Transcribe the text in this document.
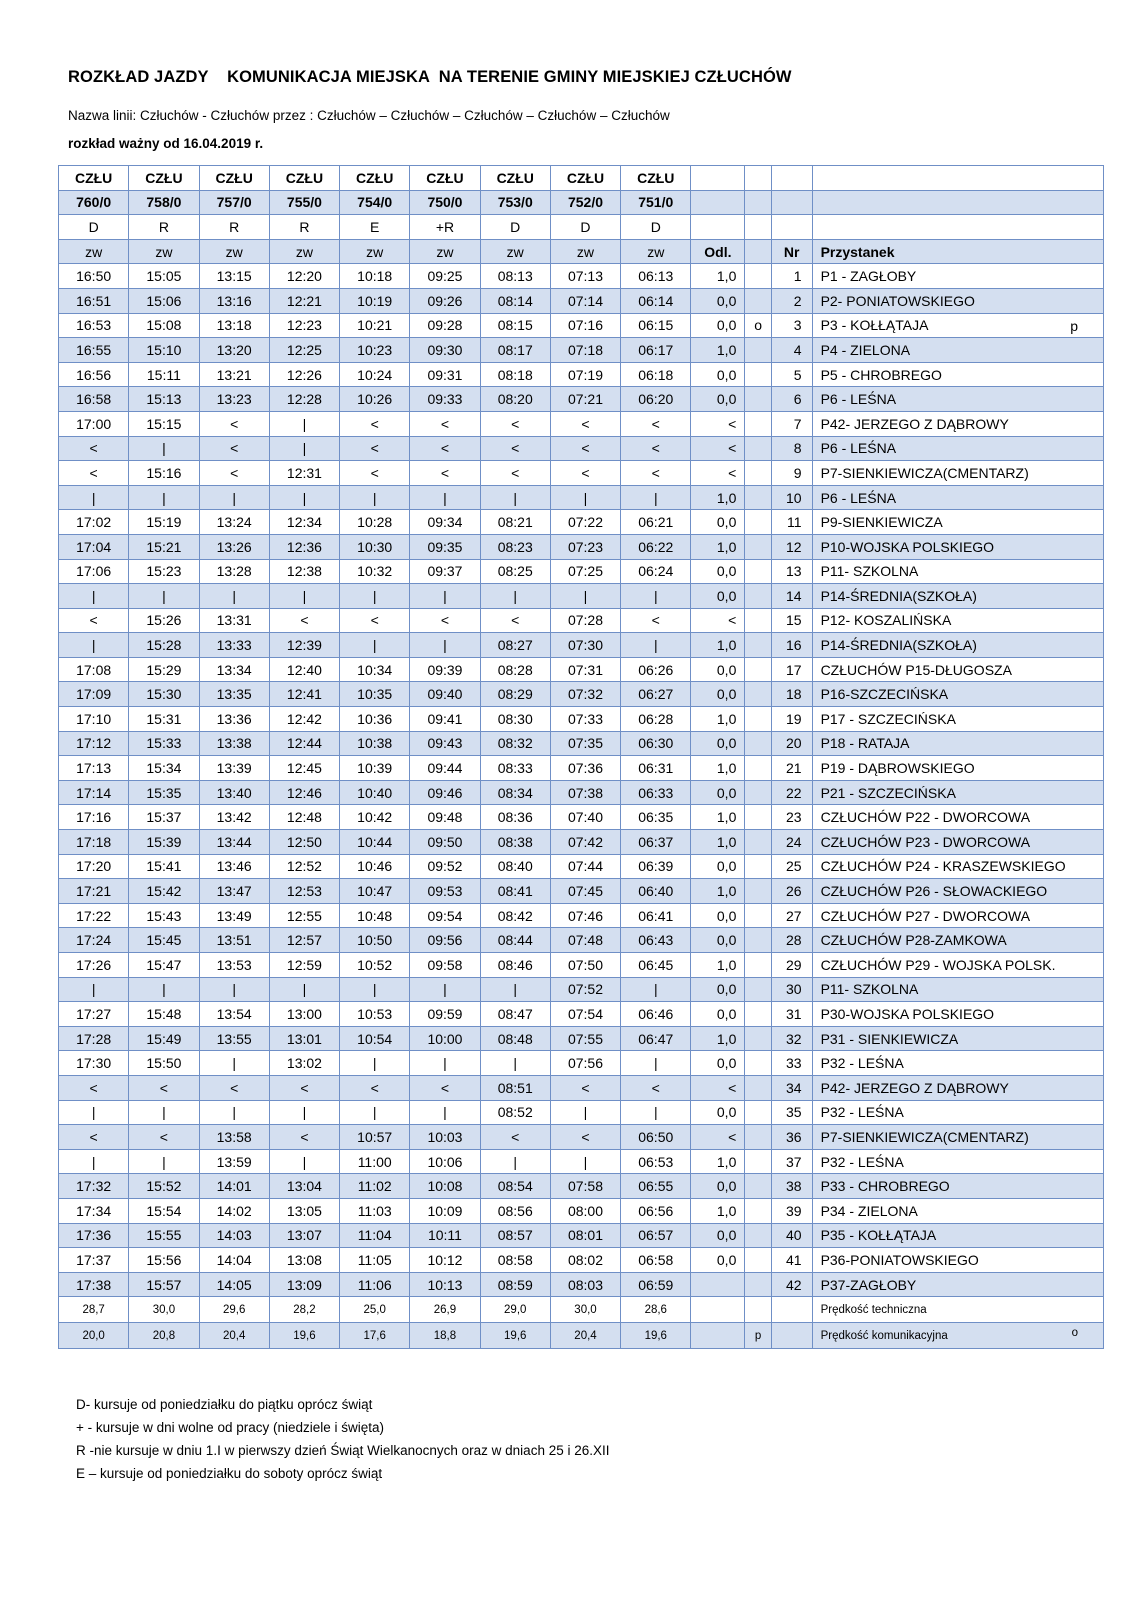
ROZKŁAD JAZDY    KOMUNIKACJA MIEJSKA  NA TERENIE GMINY MIEJSKIEJ CZŁUCHÓW
Nazwa linii: Człuchów - Człuchów przez : Człuchów – Człuchów – Człuchów – Człuchów – Człuchów
rozkład ważny od 16.04.2019 r.
CZŁU	CZŁU	CZŁU	CZŁU	CZŁU	CZŁU	CZŁU	CZŁU	CZŁU				
760/0	758/0	757/0	755/0	754/0	750/0	753/0	752/0	751/0				
D	R	R	R	E	+R	D	D	D				
zw	zw	zw	zw	zw	zw	zw	zw	zw	Odl.		Nr	Przystanek
16:50	15:05	13:15	12:20	10:18	09:25	08:13	07:13	06:13	1,0		1	P1 - ZAGŁOBY

16:51	15:06	13:16	12:21	10:19	09:26	08:14	07:14	06:14	0,0		2	P2- PONIATOWSKIEGO

16:53	15:08	13:18	12:23	10:21	09:28	08:15	07:16	06:15	0,0	o	3	P3 - KOŁŁĄTAJA p

16:55	15:10	13:20	12:25	10:23	09:30	08:17	07:18	06:17	1,0		4	P4 - ZIELONA

16:56	15:11	13:21	12:26	10:24	09:31	08:18	07:19	06:18	0,0		5	P5 - CHROBREGO

16:58	15:13	13:23	12:28	10:26	09:33	08:20	07:21	06:20	0,0		6	P6 - LEŚNA

17:00	15:15	<	|	<	<	<	<	<	<		7	P42- JERZEGO Z DĄBROWY

<	|	<	|	<	<	<	<	<	<		8	P6 - LEŚNA

<	15:16	<	12:31	<	<	<	<	<	<		9	P7-SIENKIEWICZA(CMENTARZ)

|	|	|	|	|	|	|	|	|	1,0		10	P6 - LEŚNA

17:02	15:19	13:24	12:34	10:28	09:34	08:21	07:22	06:21	0,0		11	P9-SIENKIEWICZA

17:04	15:21	13:26	12:36	10:30	09:35	08:23	07:23	06:22	1,0		12	P10-WOJSKA POLSKIEGO

17:06	15:23	13:28	12:38	10:32	09:37	08:25	07:25	06:24	0,0		13	P11- SZKOLNA

|	|	|	|	|	|	|	|	|	0,0		14	P14-ŚREDNIA(SZKOŁA)

<	15:26	13:31	<	<	<	<	07:28	<	<		15	P12- KOSZALIŃSKA

|	15:28	13:33	12:39	|	|	08:27	07:30	|	1,0		16	P14-ŚREDNIA(SZKOŁA)

17:08	15:29	13:34	12:40	10:34	09:39	08:28	07:31	06:26	0,0		17	CZŁUCHÓW P15-DŁUGOSZA

17:09	15:30	13:35	12:41	10:35	09:40	08:29	07:32	06:27	0,0		18	P16-SZCZECIŃSKA

17:10	15:31	13:36	12:42	10:36	09:41	08:30	07:33	06:28	1,0		19	P17 - SZCZECIŃSKA

17:12	15:33	13:38	12:44	10:38	09:43	08:32	07:35	06:30	0,0		20	P18 - RATAJA

17:13	15:34	13:39	12:45	10:39	09:44	08:33	07:36	06:31	1,0		21	P19 - DĄBROWSKIEGO

17:14	15:35	13:40	12:46	10:40	09:46	08:34	07:38	06:33	0,0		22	P21 - SZCZECIŃSKA

17:16	15:37	13:42	12:48	10:42	09:48	08:36	07:40	06:35	1,0		23	CZŁUCHÓW P22 - DWORCOWA

17:18	15:39	13:44	12:50	10:44	09:50	08:38	07:42	06:37	1,0		24	CZŁUCHÓW P23 - DWORCOWA

17:20	15:41	13:46	12:52	10:46	09:52	08:40	07:44	06:39	0,0		25	CZŁUCHÓW P24 - KRASZEWSKIEGO

17:21	15:42	13:47	12:53	10:47	09:53	08:41	07:45	06:40	1,0		26	CZŁUCHÓW P26 - SŁOWACKIEGO

17:22	15:43	13:49	12:55	10:48	09:54	08:42	07:46	06:41	0,0		27	CZŁUCHÓW P27 - DWORCOWA

17:24	15:45	13:51	12:57	10:50	09:56	08:44	07:48	06:43	0,0		28	CZŁUCHÓW P28-ZAMKOWA

17:26	15:47	13:53	12:59	10:52	09:58	08:46	07:50	06:45	1,0		29	CZŁUCHÓW P29 - WOJSKA POLSK.

|	|	|	|	|	|	|	07:52	|	0,0		30	P11- SZKOLNA

17:27	15:48	13:54	13:00	10:53	09:59	08:47	07:54	06:46	0,0		31	P30-WOJSKA POLSKIEGO

17:28	15:49	13:55	13:01	10:54	10:00	08:48	07:55	06:47	1,0		32	P31 - SIENKIEWICZA

17:30	15:50	|	13:02	|	|	|	07:56	|	0,0		33	P32 - LEŚNA

<	<	<	<	<	<	08:51	<	<	<		34	P42- JERZEGO Z DĄBROWY

|	|	|	|	|	|	08:52	|	|	0,0		35	P32 - LEŚNA

<	<	13:58	<	10:57	10:03	<	<	06:50	<		36	P7-SIENKIEWICZA(CMENTARZ)

|	|	13:59	|	11:00	10:06	|	|	06:53	1,0		37	P32 - LEŚNA

17:32	15:52	14:01	13:04	11:02	10:08	08:54	07:58	06:55	0,0		38	P33 - CHROBREGO

17:34	15:54	14:02	13:05	11:03	10:09	08:56	08:00	06:56	1,0		39	P34 - ZIELONA

17:36	15:55	14:03	13:07	11:04	10:11	08:57	08:01	06:57	0,0		40	P35 - KOŁŁĄTAJA

17:37	15:56	14:04	13:08	11:05	10:12	08:58	08:02	06:58	0,0		41	P36-PONIATOWSKIEGO

17:38	15:57	14:05	13:09	11:06	10:13	08:59	08:03	06:59			42	P37-ZAGŁOBY

28,7	30,0	29,6	28,2	25,0	26,9	29,0	30,0	28,6				Prędkość techniczna

20,0	20,8	20,4	19,6	17,6	18,8	19,6	20,4	19,6		p		Prędkość komunikacyjna o
D- kursuje od poniedziałku do piątku oprócz świąt
+ - kursuje w dni wolne od pracy (niedziele i święta)
R -nie kursuje w dniu 1.I w pierwszy dzień Świąt Wielkanocnych oraz w dniach 25 i 26.XII
E – kursuje od poniedziałku do soboty oprócz świąt
